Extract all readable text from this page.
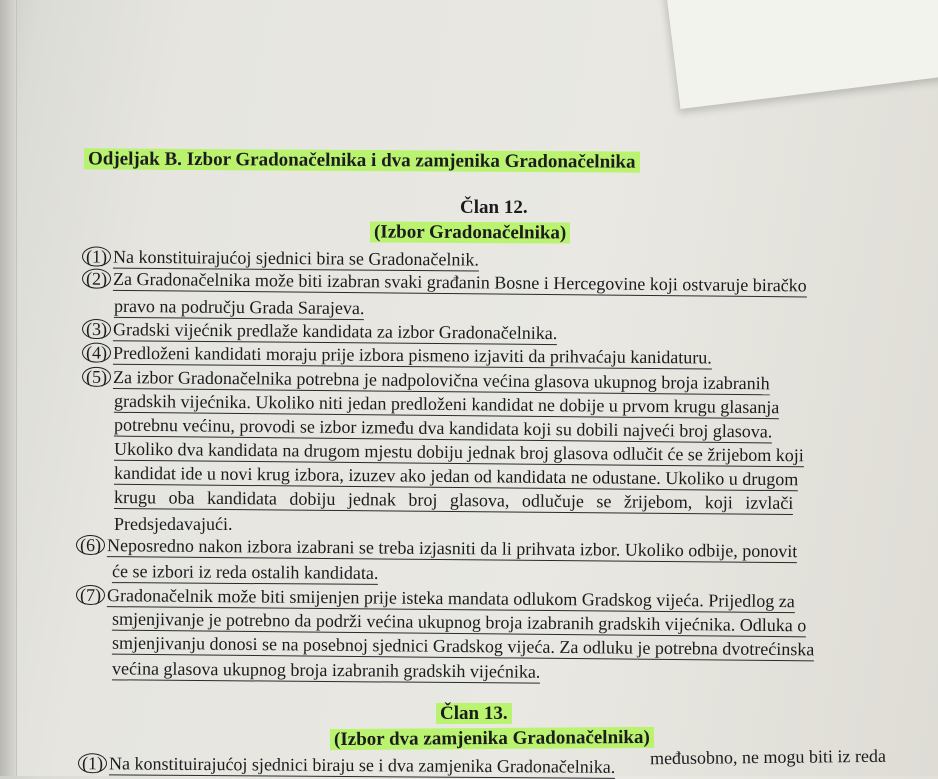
Odjeljak B. Izbor Gradonačelnika i dva zamjenika Gradonačelnika
Član 12.
(Izbor Gradonačelnika)
(1) Na konstituirajućoj sjednici bira se Gradonačelnik.
(2) Za Gradonačelnika može biti izabran svaki građanin Bosne i Hercegovine koji ostvaruje biračko
pravo na području Grada Sarajeva.
(3) Gradski vijećnik predlaže kandidata za izbor Gradonačelnika.
(4) Predloženi kandidati moraju prije izbora pismeno izjaviti da prihvaćaju kanidaturu.
(5) Za izbor Gradonačelnika potrebna je nadpolovična većina glasova ukupnog broja izabranih
gradskih vijećnika. Ukoliko niti jedan predloženi kandidat ne dobije u prvom krugu glasanja
potrebnu većinu, provodi se izbor između dva kandidata koji su dobili najveći broj glasova.
Ukoliko dva kandidata na drugom mjestu dobiju jednak broj glasova odlučit će se žrijebom koji
kandidat ide u novi krug izbora, izuzev ako jedan od kandidata ne odustane. Ukoliko u drugom
krugu oba kandidata dobiju jednak broj glasova, odlučuje se žrijebom, koji izvlači
Predsjedavajući.
(6) Neposredno nakon izbora izabrani se treba izjasniti da li prihvata izbor. Ukoliko odbije, ponovit
će se izbori iz reda ostalih kandidata.
(7) Gradonačelnik može biti smijenjen prije isteka mandata odlukom Gradskog vijeća. Prijedlog za
smjenjivanje je potrebno da podrži većina ukupnog broja izabranih gradskih vijećnika. Odluka o
smjenjivanju donosi se na posebnoj sjednici Gradskog vijeća. Za odluku je potrebna dvotrećinska
većina glasova ukupnog broja izabranih gradskih vijećnika.
Član 13.
(Izbor dva zamjenika Gradonačelnika)
(1) Na konstituirajućoj sjednici biraju se i dva zamjenika Gradonačelnika. međusobno, ne mogu biti iz reda
